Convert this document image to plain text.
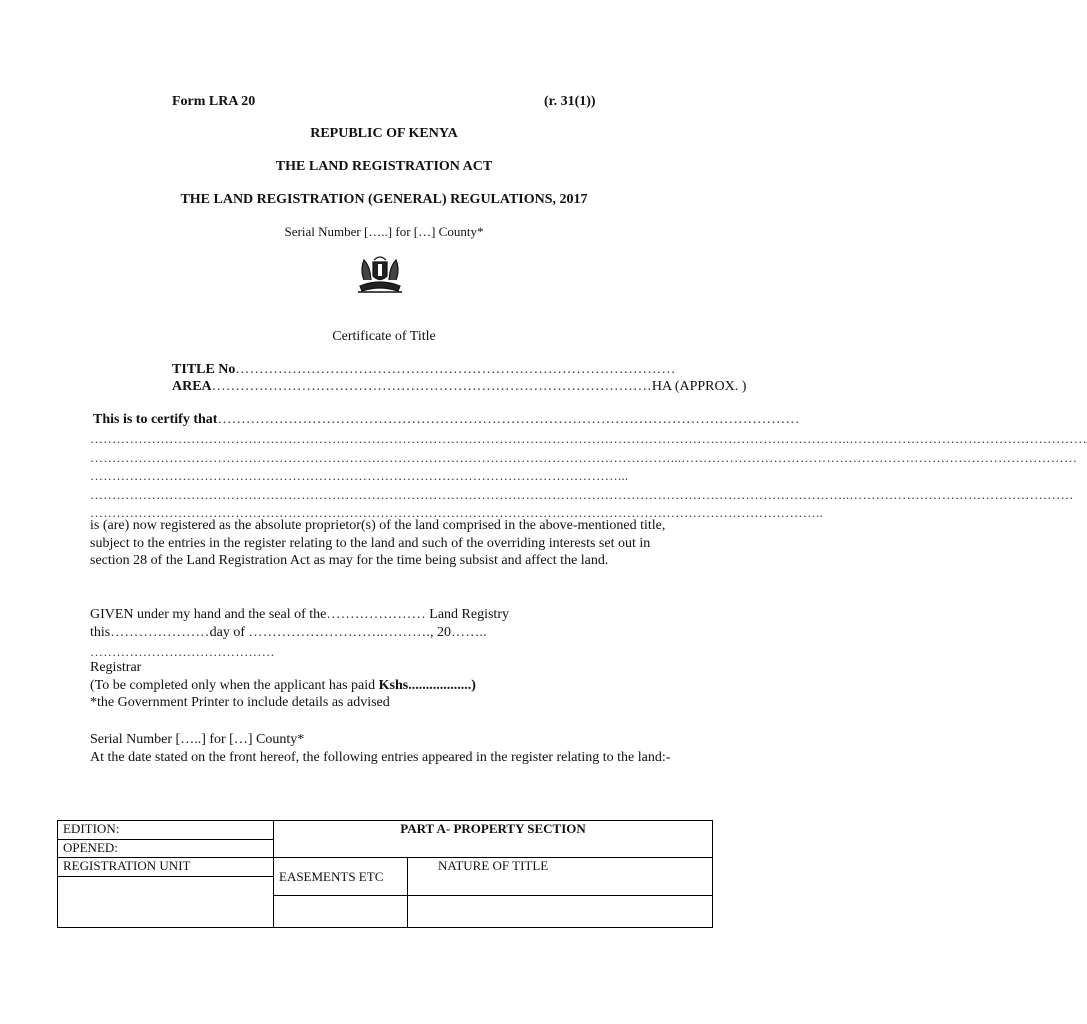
Form LRA 20	(r. 31(1))
REPUBLIC OF KENYA
THE LAND REGISTRATION ACT
THE LAND REGISTRATION (GENERAL) REGULATIONS, 2017
Serial Number […..] for […] County*
Certificate of Title
TITLE No…………………………………………………………………………………
AREA…………………………………………………………………………………HA (APPROX. )
This is to certify that……………………………………………………………………………………………………………
………………………………………………………………………………………………………………………………………………………..………………………………………………
……………………………………………………………………………………………………………………...………………………………………………………………………………
…………………………………………………………………………………………………………...
………………………………………………………………………………………………………………………………………………………..……………………………………………
…………………………………………………………………………………………………………………………………………………..

is (are) now registered as the absolute proprietor(s) of the land comprised in the above-mentioned title, subject to the entries in the register relating to the land and such of the overriding interests set out in section 28 of the Land Registration Act as may for the time being subsist and affect the land.

GIVEN under my hand and the seal of the………………… Land Registry
this…………………day of ………………………..………., 20……..
……………………………………
Registrar
(To be completed only when the applicant has paid Kshs..................)
*the Government Printer to include details as advised
Serial Number […..] for […] County*

At the date stated on the front hereof, the following entries appeared in the register relating to the land:-

EDITION:	PART A- PROPERTY SECTION	
OPENED:		
REGISTRATION UNIT	EASEMENTS ETC	NATURE OF TITLE
